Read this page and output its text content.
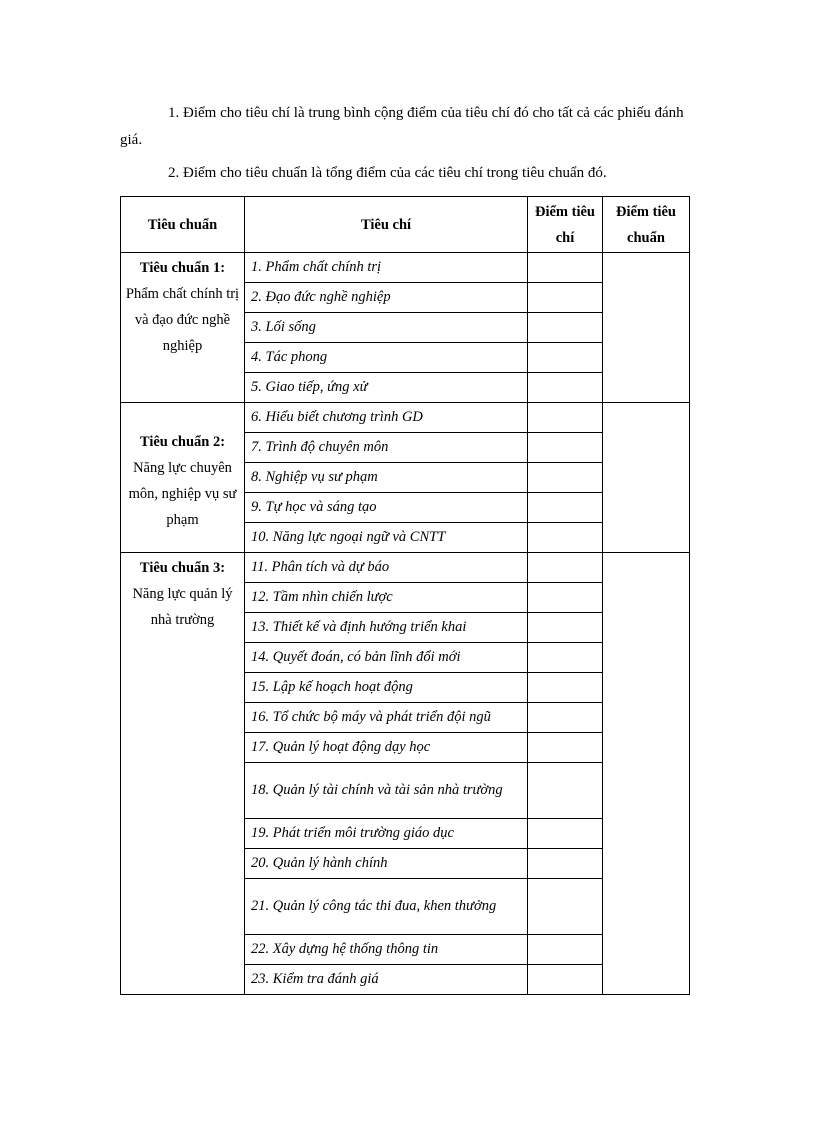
1. Điểm cho tiêu chí là trung bình cộng điểm của tiêu chí đó cho tất cả các phiếu đánh giá.

2. Điểm cho tiêu chuẩn là tổng điểm của các tiêu chí trong tiêu chuẩn đó.

Tiêu chuẩn	Tiêu chí	Điểm tiêu chí	Điểm tiêu chuẩn

Tiêu chuẩn 1:
Phẩm chất chính trị và đạo đức nghề nghiệp	1. Phẩm chất chính trị		

	2. Đạo đức nghề nghiệp		

	3. Lối sống		

	4. Tác phong		

	5. Giao tiếp, ứng xử		

Tiêu chuẩn 2:
Năng lực chuyên môn, nghiệp vụ sư phạm	6. Hiểu biết chương trình GD		

	7. Trình độ chuyên môn		

	8. Nghiệp vụ sư phạm		

	9. Tự học và sáng tạo		

	10. Năng lực ngoại ngữ và CNTT		

Tiêu chuẩn 3:
Năng lực quản lý nhà trường	11. Phân tích và dự báo		

	12. Tầm nhìn chiến lược		

	13. Thiết kế và định hướng triển khai		

	14. Quyết đoán, có bản lĩnh đổi mới		

	15. Lập kế hoạch hoạt động		

	16. Tổ chức bộ máy và phát triển đội ngũ		

	17. Quản lý hoạt động dạy học		

	18. Quản lý tài chính và tài sản nhà trường		

	19. Phát triển môi trường giáo dục		

	20. Quản lý hành chính		

	21. Quản lý công tác thi đua, khen thưởng		

	22. Xây dựng hệ thống thông tin		

	23. Kiểm tra đánh giá		
